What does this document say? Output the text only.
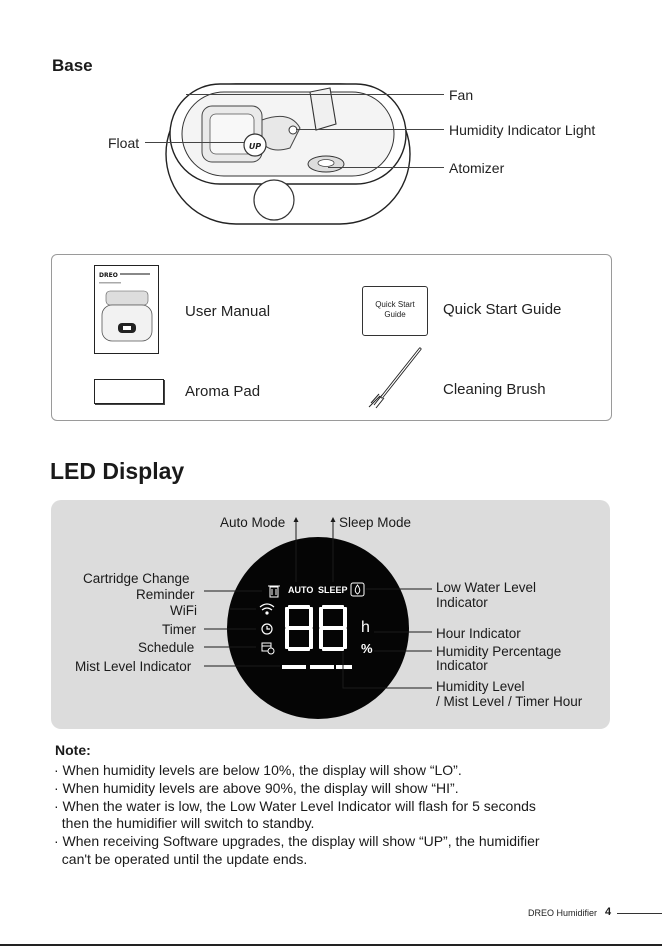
Base
UP
Fan
Humidity Indicator Light
Atomizer
Float
DREO
User Manual	Quick Start
Guide	Quick Start Guide
Aroma Pad	Cleaning Brush
LED Display
AUTO SLEEP
h
%
Auto Mode	Sleep Mode
Cartridge Change
Reminder
WiFi
Timer
Schedule
Mist Level Indicator
Low Water Level
Indicator
Hour Indicator
Humidity Percentage
Indicator
Humidity Level
/ Mist Level / Timer Hour
Note:
· When humidity levels are below 10%, the display will show “LO”.
· When humidity levels are above 90%, the display will show “HI”.
· When the water is low, the Low Water Level Indicator will flash for 5 seconds
then the humidifier will switch to standby.
· When receiving Software upgrades, the display will show “UP”, the humidifier
can't be operated until the update ends.
DREO Humidifier 4
